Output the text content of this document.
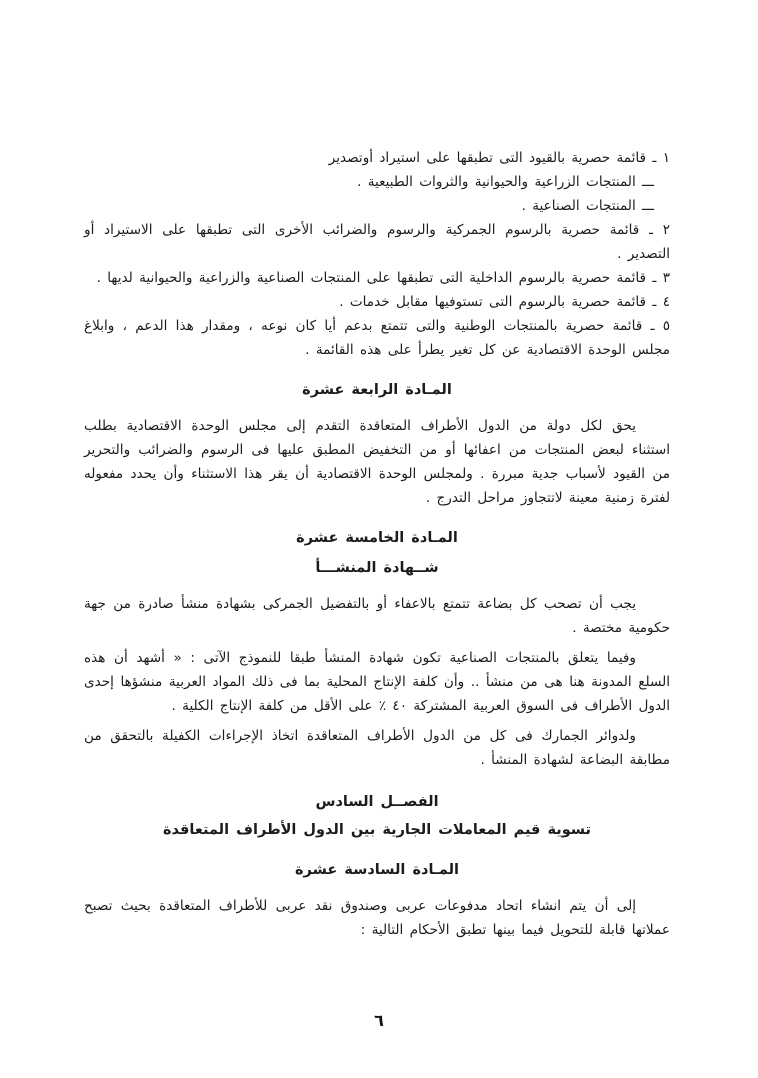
١ ـ قائمة حصرية بالقيود التى تطبقها على استيراد أوتصدير

ـــ المنتجات الزراعية والحيوانية والثروات الطبيعية .

ـــ المنتجات الصناعية .

٢ ـ قائمة حصرية بالرسوم الجمركية والرسوم والضرائب الأخرى التى تطبقها على الاستيراد أو التصدير .

٣ ـ قائمة حصرية بالرسوم الداخلية التى تطبقها على المنتجات الصناعية والزراعية والحيوانية لديها .

٤ ـ قائمة حصرية بالرسوم التى تستوفيها مقابل خدمات .

٥ ـ قائمة حصرية بالمنتجات الوطنية والتى تتمتع بدعم أيا كان نوعه ، ومقدار هذا الدعم ، وابلاغ مجلس الوحدة الاقتصادية عن كل تغير يطرأ على هذه القائمة .

المـادة الرابعة عشرة

يحق لكل دولة من الدول الأطراف المتعاقدة التقدم إلى مجلس الوحدة الاقتصادية بطلب استثناء لبعض المنتجات من اعفائها أو من التخفيض المطبق عليها فى الرسوم والضرائب والتحرير من القيود لأسباب جدية مبررة . ولمجلس الوحدة الاقتصادية أن يقر هذا الاستثناء وأن يحدد مفعوله لفترة زمنية معينة لاتتجاوز مراحل التدرج .

المـادة الخامسة عشرة
شــهادة المنشـــأ

يجب أن تصحب كل بضاعة تتمتع بالاعفاء أو بالتفضيل الجمركى بشهادة منشأ صادرة من جهة حكومية مختصة .

وفيما يتعلق بالمنتجات الصناعية تكون شهادة المنشأ طبقا للنموذج الآتى : « أشهد أن هذه السلع المدونة هنا هى من منشأ .. وأن كلفة الإنتاج المحلية بما فى ذلك المواد العربية منشؤها إحدى الدول الأطراف فى السوق العربية المشتركة ٤٠ ٪ على الأقل من كلفة الإنتاج الكلية .

ولدوائر الجمارك فى كل من الدول الأطراف المتعاقدة اتخاذ الإجراءات الكفيلة بالتحقق من مطابقة البضاعة لشهادة المنشأ .

الفصــل السادس
تسوية قيم المعاملات الجارية بين الدول الأطراف المتعاقدة
المـادة السادسة عشرة

إلى أن يتم انشاء اتحاد مدفوعات عربى وصندوق نقد عربى للأطراف المتعاقدة بحيث تصبح عملاتها قابلة للتحويل فيما بينها تطبق الأحكام التالية :

٦
